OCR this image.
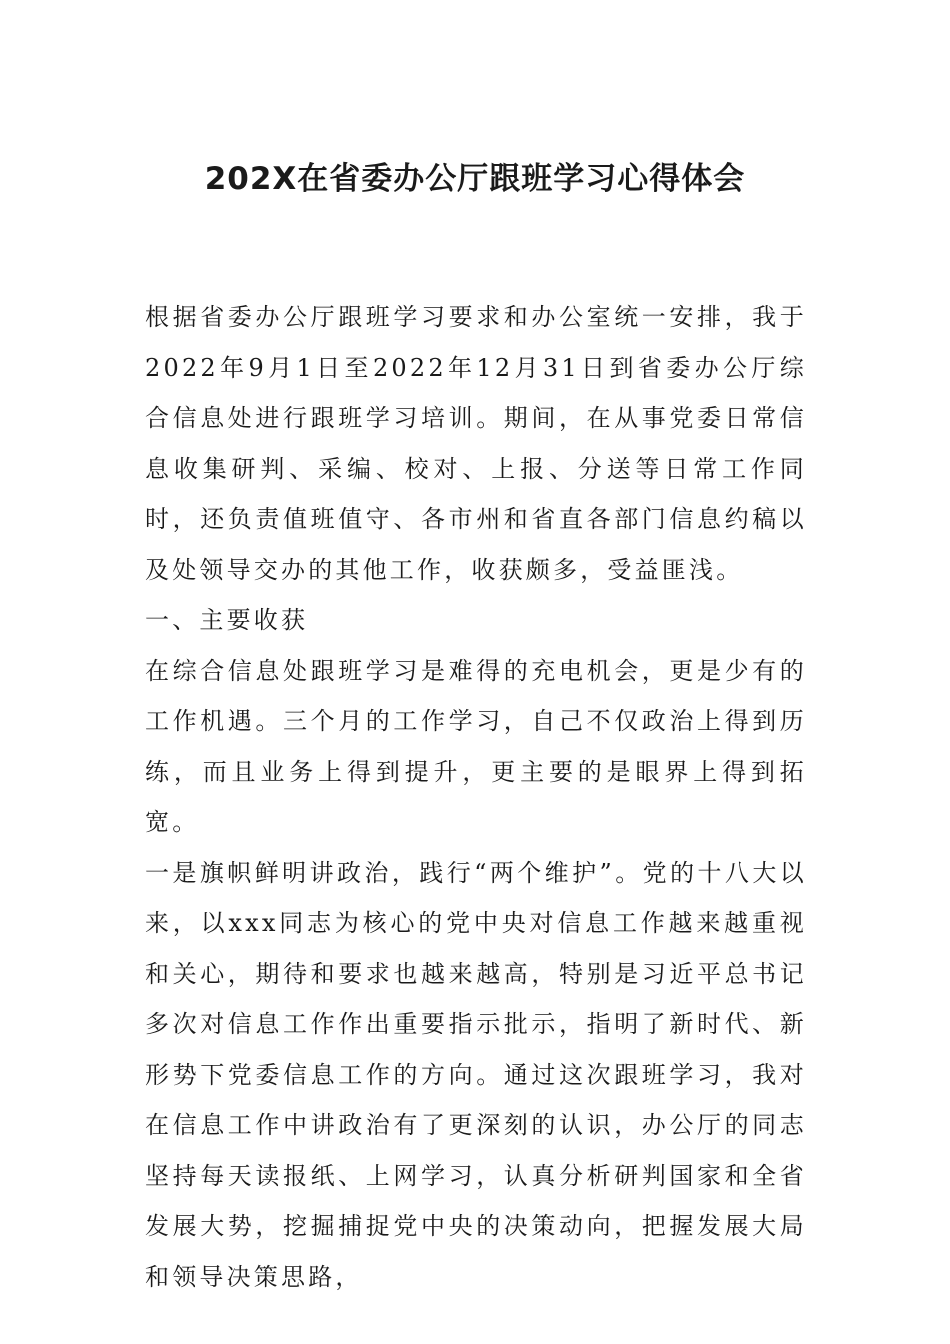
202X在省委办公厅跟班学习心得体会

根据省委办公厅跟班学习要求和办公室统一安排，我于2022年9月1日至2022年12月31日到省委办公厅综合信息处进行跟班学习培训。期间，在从事党委日常信息收集研判、采编、校对、上报、分送等日常工作同时，还负责值班值守、各市州和省直各部门信息约稿以及处领导交办的其他工作，收获颇多，受益匪浅。

一、主要收获

在综合信息处跟班学习是难得的充电机会，更是少有的工作机遇。三个月的工作学习，自己不仅政治上得到历练，而且业务上得到提升，更主要的是眼界上得到拓宽。

一是旗帜鲜明讲政治，践行“两个维护”。党的十八大以来，以xxx同志为核心的党中央对信息工作越来越重视和关心，期待和要求也越来越高，特别是习近平总书记多次对信息工作作出重要指示批示，指明了新时代、新形势下党委信息工作的方向。通过这次跟班学习，我对在信息工作中讲政治有了更深刻的认识，办公厅的同志坚持每天读报纸、上网学习，认真分析研判国家和全省发展大势，挖掘捕捉党中央的决策动向，把握发展大局和领导决策思路，
